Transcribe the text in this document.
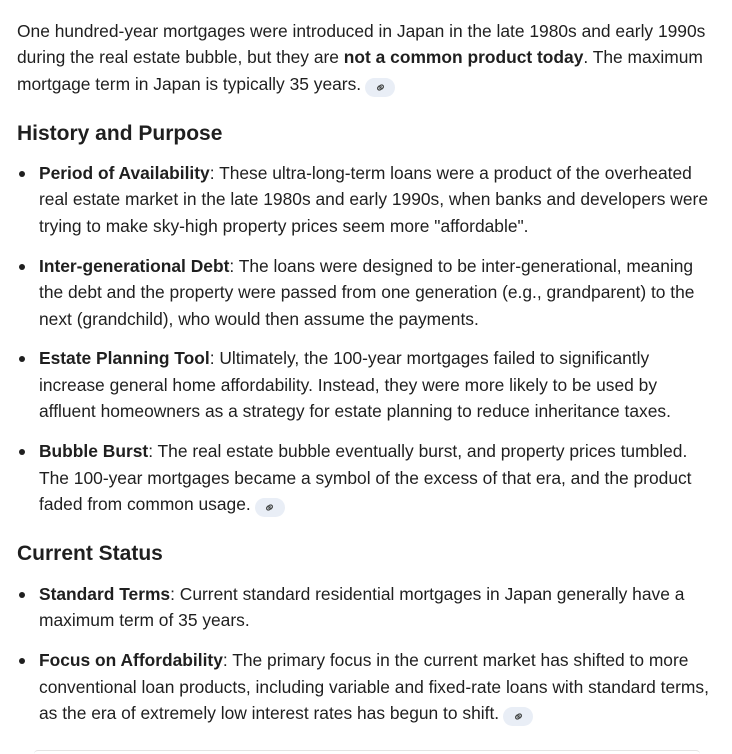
One hundred-year mortgages were introduced in Japan in the late 1980s and early 1990s during the real estate bubble, but they are not a common product today. The maximum mortgage term in Japan is typically 35 years.

History and Purpose
Period of Availability: These ultra-long-term loans were a product of the overheated real estate market in the late 1980s and early 1990s, when banks and developers were trying to make sky-high property prices seem more "affordable".
Inter-generational Debt: The loans were designed to be inter-generational, meaning the debt and the property were passed from one generation (e.g., grandparent) to the next (grandchild), who would then assume the payments.
Estate Planning Tool: Ultimately, the 100-year mortgages failed to significantly increase general home affordability. Instead, they were more likely to be used by affluent homeowners as a strategy for estate planning to reduce inheritance taxes.
Bubble Burst: The real estate bubble eventually burst, and property prices tumbled. The 100-year mortgages became a symbol of the excess of that era, and the product faded from common usage.
Current Status
Standard Terms: Current standard residential mortgages in Japan generally have a maximum term of 35 years.
Focus on Affordability: The primary focus in the current market has shifted to more conventional loan products, including variable and fixed-rate loans with standard terms, as the era of extremely low interest rates has begun to shift.
